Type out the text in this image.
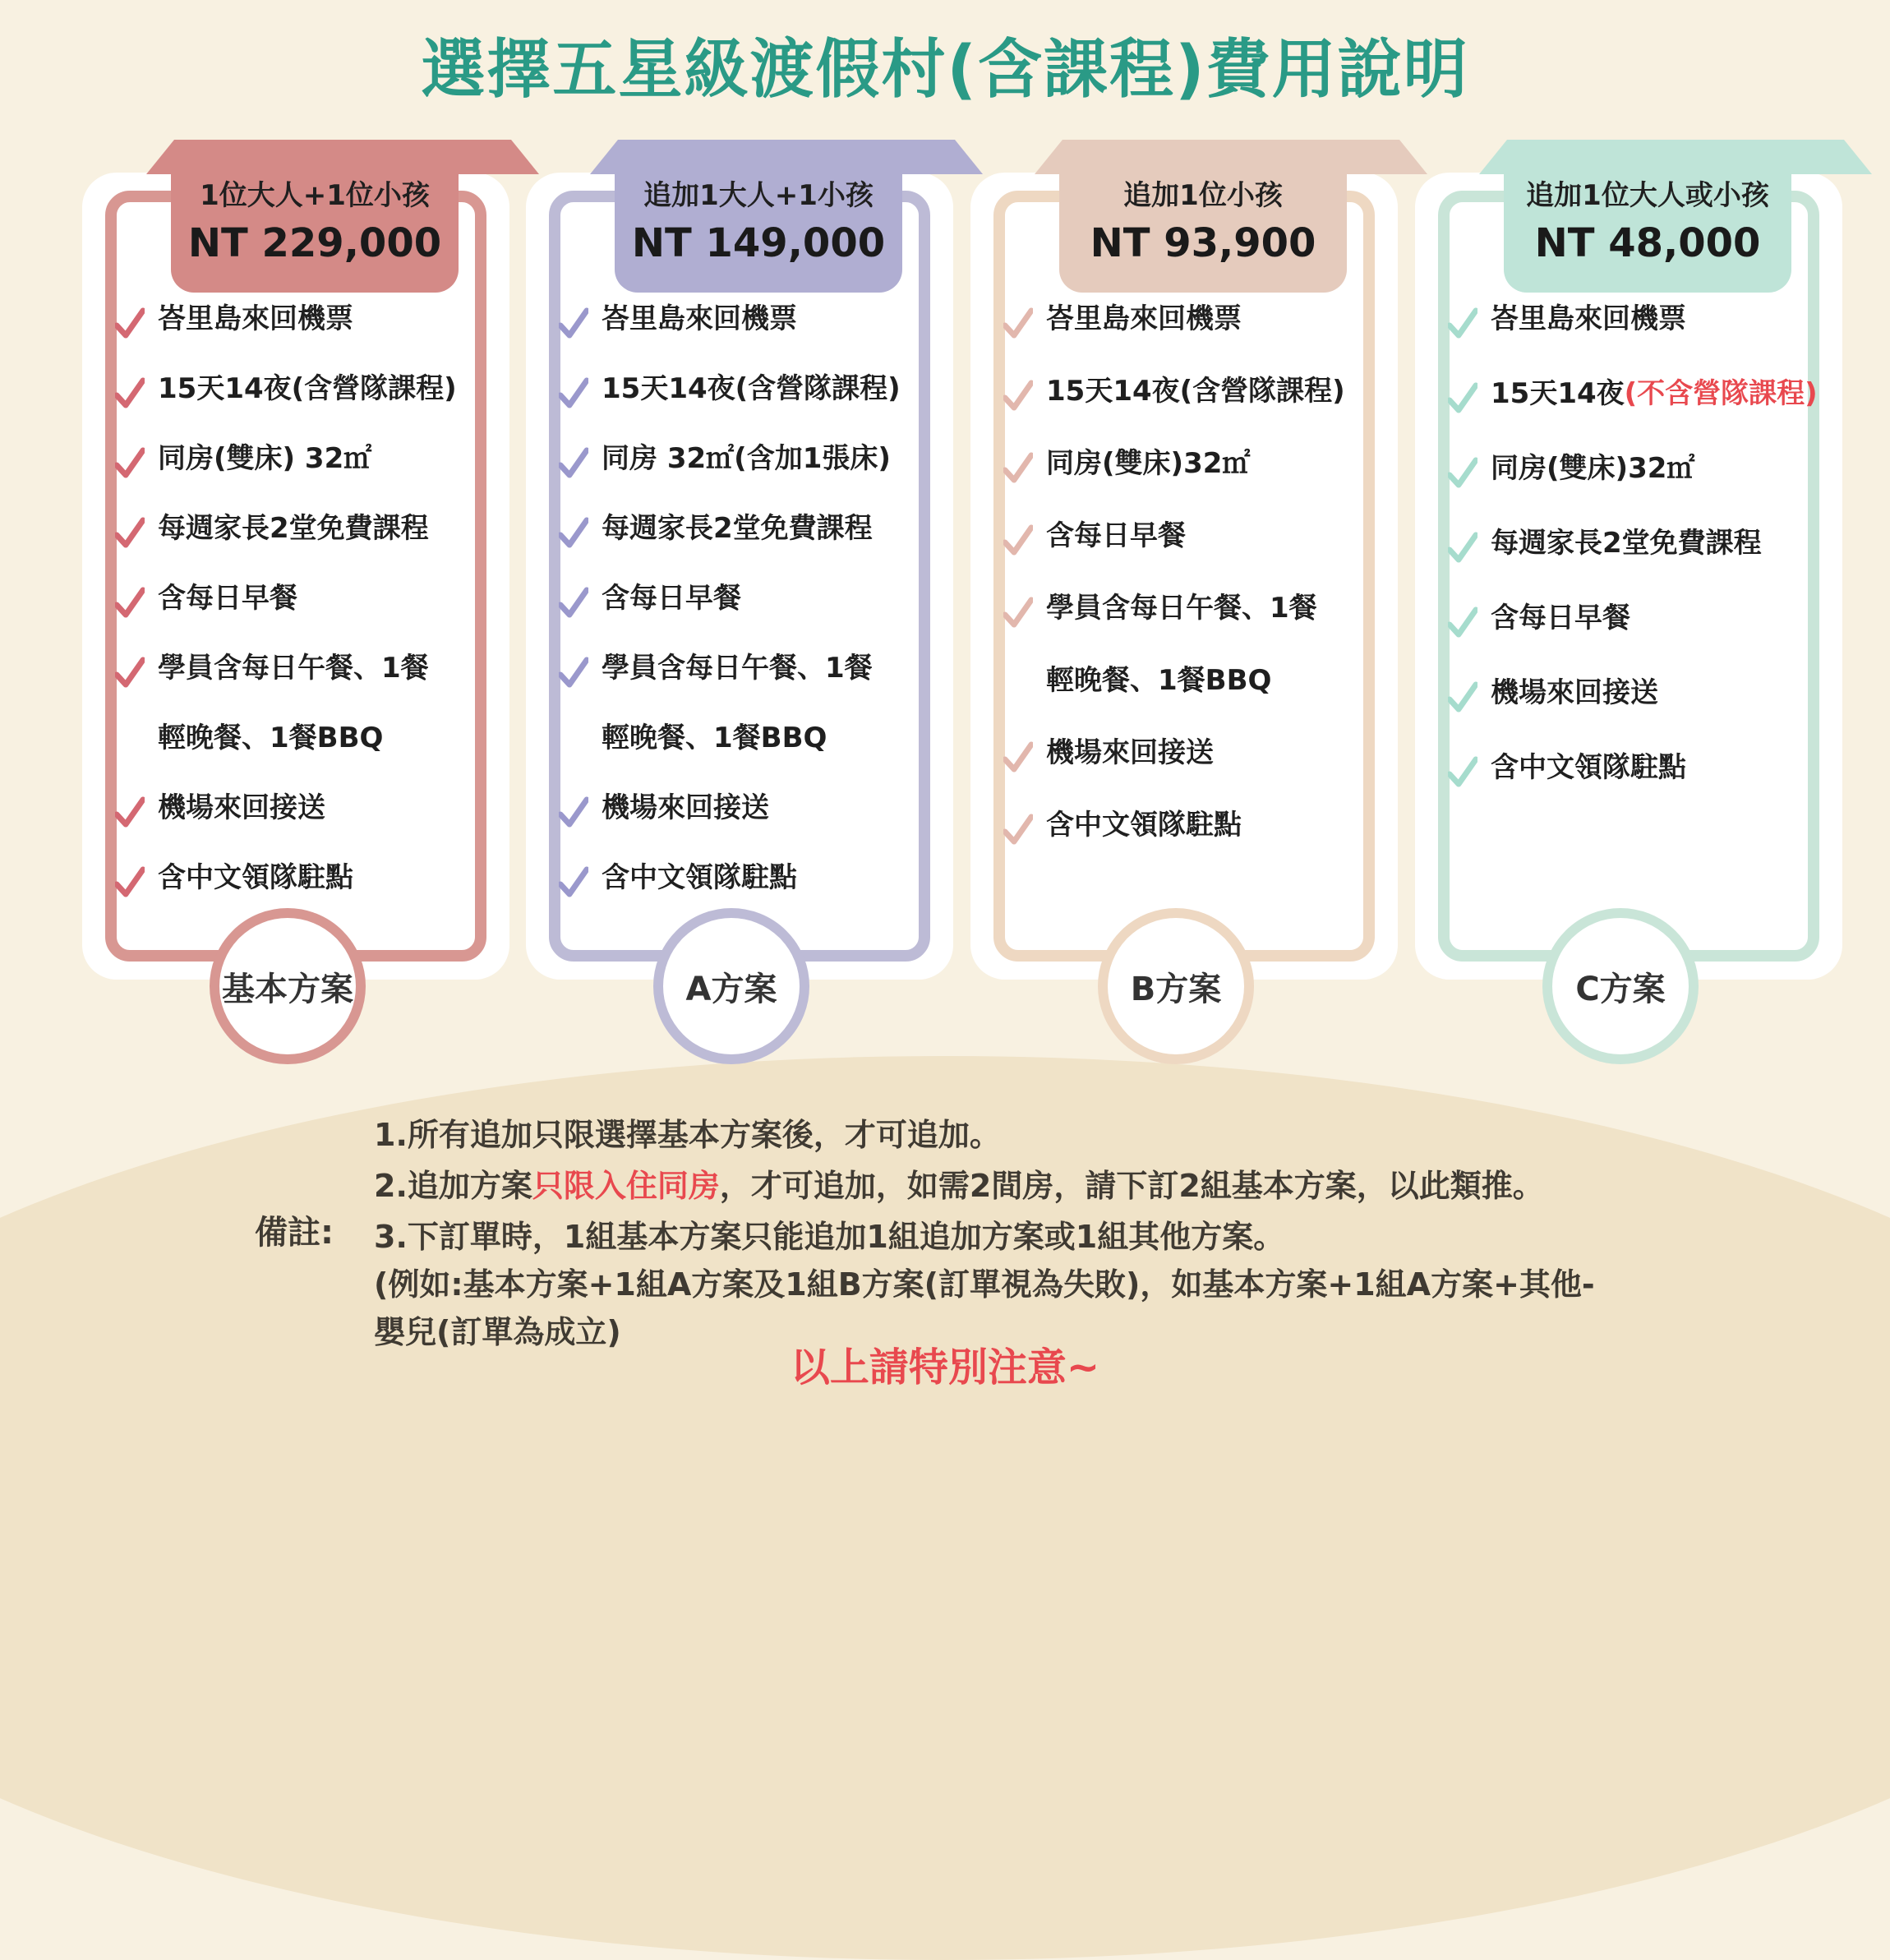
選擇五星級渡假村(含課程)費用說明
1位大人+1位小孩
NT 229,000
峇里島來回機票
15天14夜(含營隊課程)
同房(雙床) 32㎡
每週家長2堂免費課程
含每日早餐
學員含每日午餐、1餐
輕晚餐、1餐BBQ
機場來回接送
含中文領隊駐點
基本方案
追加1大人+1小孩
NT 149,000
峇里島來回機票
15天14夜(含營隊課程)
同房 32㎡(含加1張床)
每週家長2堂免費課程
含每日早餐
學員含每日午餐、1餐
輕晚餐、1餐BBQ
機場來回接送
含中文領隊駐點
A方案
追加1位小孩
NT 93,900
峇里島來回機票
15天14夜(含營隊課程)
同房(雙床)32㎡
含每日早餐
學員含每日午餐、1餐
輕晚餐、1餐BBQ
機場來回接送
含中文領隊駐點
B方案
追加1位大人或小孩
NT 48,000
峇里島來回機票
15天14夜(不含營隊課程)
同房(雙床)32㎡
每週家長2堂免費課程
含每日早餐
機場來回接送
含中文領隊駐點
C方案
備註:
1.所有追加只限選擇基本方案後，才可追加。
2.追加方案只限入住同房，才可追加，如需2間房，請下訂2組基本方案，以此類推。
3.下訂單時，1組基本方案只能追加1組追加方案或1組其他方案。
(例如:基本方案+1組A方案及1組B方案(訂單視為失敗)，如基本方案+1組A方案+其他-
嬰兒(訂單為成立)
以上請特別注意~
